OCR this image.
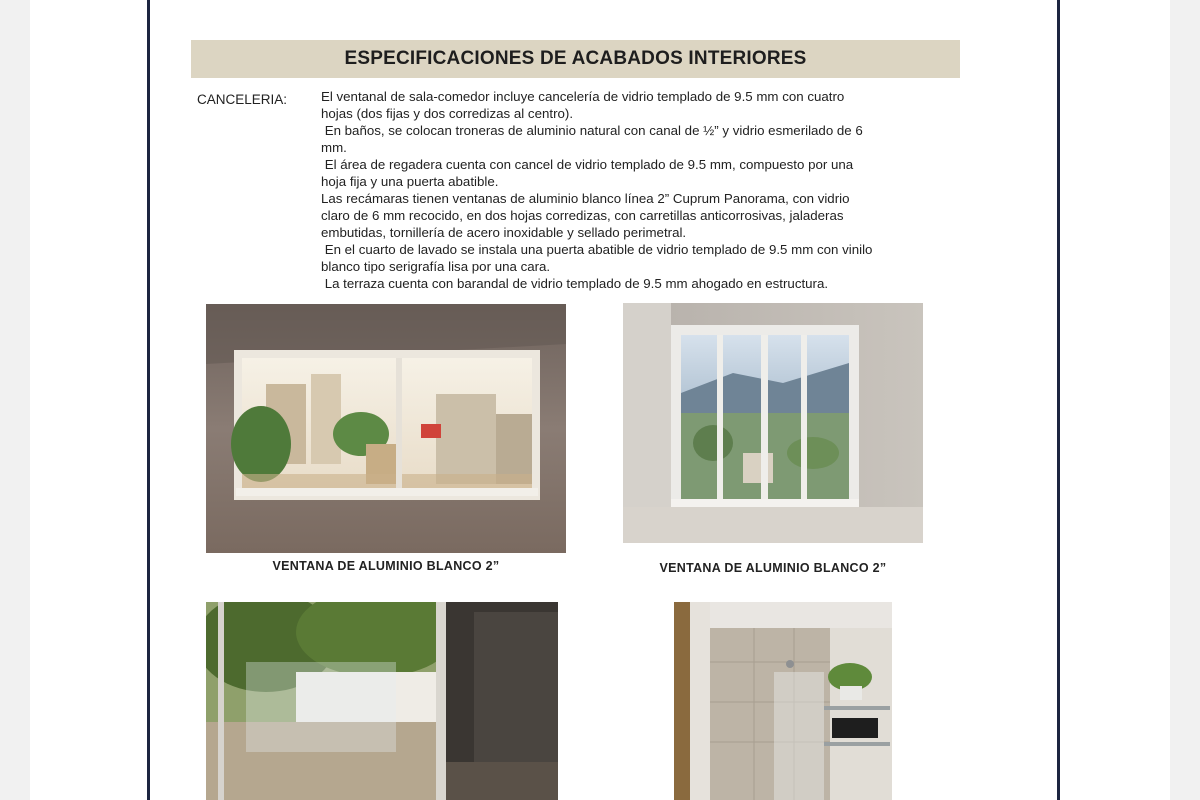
ESPECIFICACIONES DE ACABADOS INTERIORES
CANCELERIA:	El ventanal de sala-comedor incluye cancelería de vidrio templado de 9.5 mm con cuatro

hojas (dos fijas y dos corredizas al centro).

En baños, se colocan troneras de aluminio natural con canal de ½” y vidrio esmerilado de 6

mm.

El área de regadera cuenta con cancel de vidrio templado de 9.5 mm, compuesto por una

hoja fija y una puerta abatible.

Las recámaras tienen ventanas de aluminio blanco línea 2” Cuprum Panorama, con vidrio

claro de 6 mm recocido, en dos hojas corredizas, con carretillas anticorrosivas, jaladeras

embutidas, tornillería de acero inoxidable y sellado perimetral.

En el cuarto de lavado se instala una puerta abatible de vidrio templado de 9.5 mm con vinilo

blanco tipo serigrafía lisa por una cara.

La terraza cuenta con barandal de vidrio templado de 9.5 mm ahogado en estructura.

VENTANA DE ALUMINIO BLANCO 2”	VENTANA DE ALUMINIO BLANCO 2”
